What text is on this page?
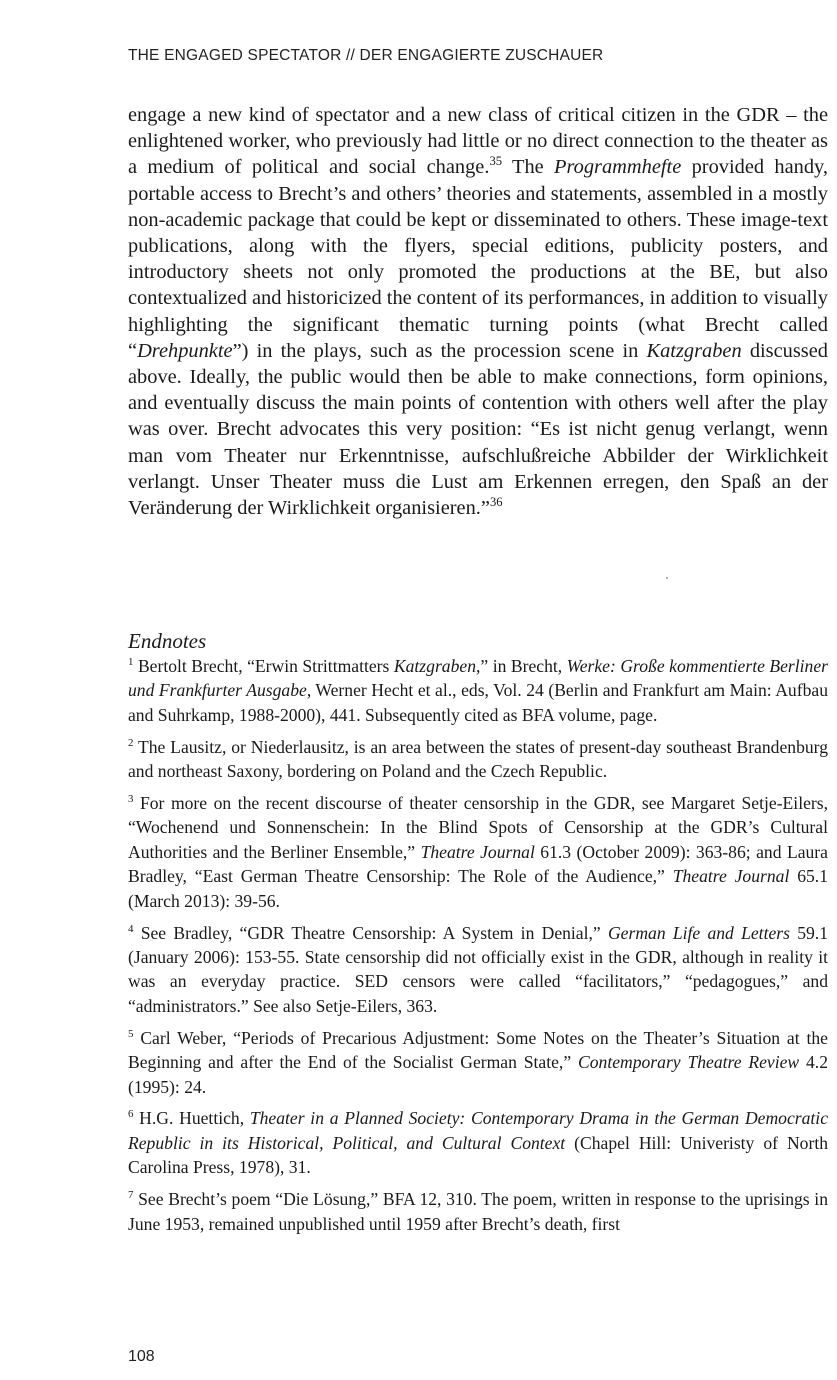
THE ENGAGED SPECTATOR // DER ENGAGIERTE ZUSCHAUER

engage a new kind of spectator and a new class of critical citizen in the GDR – the enlightened worker, who previously had little or no direct connection to the theater as a medium of political and social change.$^{35}$ The Programmhefte provided handy, portable access to Brecht’s and others’ theories and statements, assembled in a mostly non-academic package that could be kept or disseminated to others. These image-text publications, along with the flyers, special editions, publicity posters, and introductory sheets not only promoted the productions at the BE, but also contextualized and historicized the content of its performances, in addition to visually highlighting the significant thematic turning points (what Brecht called “Drehpunkte”) in the plays, such as the procession scene in Katzgraben discussed above. Ideally, the public would then be able to make connections, form opinions, and eventually discuss the main points of contention with others well after the play was over. Brecht advocates this very position: “Es ist nicht genug verlangt, wenn man vom Theater nur Erkenntnisse, aufschlußreiche Abbilder der Wirklichkeit verlangt. Unser Theater muss die Lust am Erkennen erregen, den Spaß an der Veränderung der Wirklichkeit organisieren.”$^{36}$

Endnotes

$^1$ Bertolt Brecht, “Erwin Strittmatters Katzgraben,” in Brecht, Werke: Große kommentierte Berliner und Frankfurter Ausgabe, Werner Hecht et al., eds, Vol. 24 (Berlin and Frankfurt am Main: Aufbau and Suhrkamp, 1988-2000), 441. Subsequently cited as BFA volume, page.

$^2$ The Lausitz, or Niederlausitz, is an area between the states of present-day southeast Brandenburg and northeast Saxony, bordering on Poland and the Czech Republic.

$^3$ For more on the recent discourse of theater censorship in the GDR, see Margaret Setje-Eilers, “Wochenend und Sonnenschein: In the Blind Spots of Censorship at the GDR’s Cultural Authorities and the Berliner Ensemble,” Theatre Journal 61.3 (October 2009): 363-86; and Laura Bradley, “East German Theatre Censorship: The Role of the Audience,” Theatre Journal 65.1 (March 2013): 39-56.

$^4$ See Bradley, “GDR Theatre Censorship: A System in Denial,” German Life and Letters 59.1 (January 2006): 153-55. State censorship did not officially exist in the GDR, although in reality it was an everyday practice. SED censors were called “facilitators,” “pedagogues,” and “administrators.” See also Setje-Eilers, 363.

$^5$ Carl Weber, “Periods of Precarious Adjustment: Some Notes on the Theater’s Situation at the Beginning and after the End of the Socialist German State,” Contemporary Theatre Review 4.2 (1995): 24.

$^6$ H.G. Huettich, Theater in a Planned Society: Contemporary Drama in the German Democratic Republic in its Historical, Political, and Cultural Context (Chapel Hill: Univeristy of North Carolina Press, 1978), 31.

$^7$ See Brecht’s poem “Die Lösung,” BFA 12, 310. The poem, written in response to the uprisings in June 1953, remained unpublished until 1959 after Brecht’s death, first

108
